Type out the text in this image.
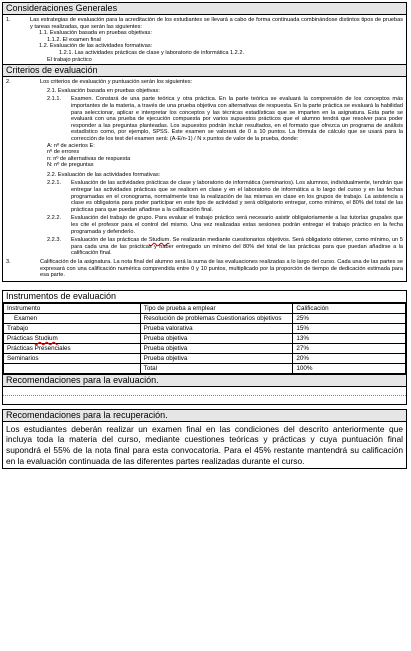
Consideraciones Generales
1.	Las estrategias de evaluación para la acreditación de los estudiantes se llevará a cabo de forma continuada combinándose distintos tipos de pruebas y tareas realizadas, que serán las siguientes:

1.1. Evaluación basada en pruebas objetivas:

1.1.2. El examen final

1.2. Evaluación de las actividades formativas:

1.2.1. Las actividades prácticas de clase y laboratorio de informática 1.2.2.

El trabajo práctico

Criterios de evaluación
2.	Los criterios de evaluación y puntuación serán los siguientes:

2.1. Evaluación basada en pruebas objetivas:

2.1.1.	Examen. Constará de una parte teórica y otra práctica. En la parte teórica se evaluará la comprensión de los conceptos más importantes de la materia, a través de una prueba objetiva con alternativas de respuesta. En la parte práctica se evaluará la habilidad para seleccionar, aplicar e interpretar los conceptos y las técnicas estadísticas que se imparten en la asignatura. Esta parte se evaluará con una prueba de ejecución compuesta por varios supuestos prácticos que el alumno tendrá que resolver para poder responder a las preguntas planteadas. Los supuestos podrán incluir resultados, en el formato que ofrezca un programa de análisis estadístico como, por ejemplo, SPSS. Este examen se valorará de 0 a 10 puntos. La fórmula de cálculo que se usará para la corrección de los test del examen será: (A-E/n-1) / N x puntos de valor de la prueba, donde:

A: nº de aciertos E:

nº de errores

n: nº de alternativas de respuesta

N: nº de preguntas

2.2. Evaluación de las actividades formativas:

2.2.1.	Evaluación de las actividades prácticas de clase y laboratorio de informática (seminarios). Los alumnos, individualmente, tendrán que entregar las actividades prácticas que se realicen en clase y en el laboratorio de informática a lo largo del curso y en las fechas programadas en el cronograma, normalmente tras la realización de las mismas en clase en los grupos de trabajo. La asistencia a clase es obligatoria para poder participar en este tipo de actividad y será obligatorio entregar, como mínimo, el 80% del total de las prácticas para que puedan añadirse a la calificación final.
2.2.2.	Evaluación del trabajo de grupo. Para evaluar el trabajo práctico será necesario asistir obligatoriamente a las tutorías grupales que les cite el profesor para el control del mismo. Una vez realizadas estas sesiones podrán entregar el trabajo práctico en la fecha programada y defenderlo.
2.2.3.	Evaluación de las prácticas de Studium. Se realizarán mediante cuestionarios objetivos. Será obligatorio obtener, como mínimo, un 5 para cada una de las prácticas y haber entregado un mínimo del 80% del total de las prácticas para que puedan añadirse a la calificación final.
3.	Calificación de la asignatura. La nota final del alumno será la suma de las evaluaciones realizadas a lo largo del curso. Cada una de las partes se expresará con una calificación numérica comprendida entre 0 y 10 puntos, multiplicado por la proporción de tiempo de dedicación estimada para esa parte.
Instrumentos de evaluación
Instrumento	Tipo de prueba a emplear	Calificación
Examen	Resolución de problemas Cuestionarios objetivos	25%
Trabajo	Prueba valorativa	15%
Prácticas Studium	Prueba objetiva	13%
Prácticas Presenciales	Prueba objetiva	27%
Seminarios	Prueba objetiva	20%
	Total	100%
Recomendaciones para la evaluación.
Recomendaciones para la recuperación.
Los estudiantes deberán realizar un examen final en las condiciones del descrito anteriormente que incluya toda la materia del curso, mediante cuestiones teóricas y prácticas y cuya puntuación final supondrá el 55% de la nota final para esta convocatoria. Para el 45% restante mantendrá su calificación en la evaluación continuada de las diferentes partes realizadas durante el curso.
